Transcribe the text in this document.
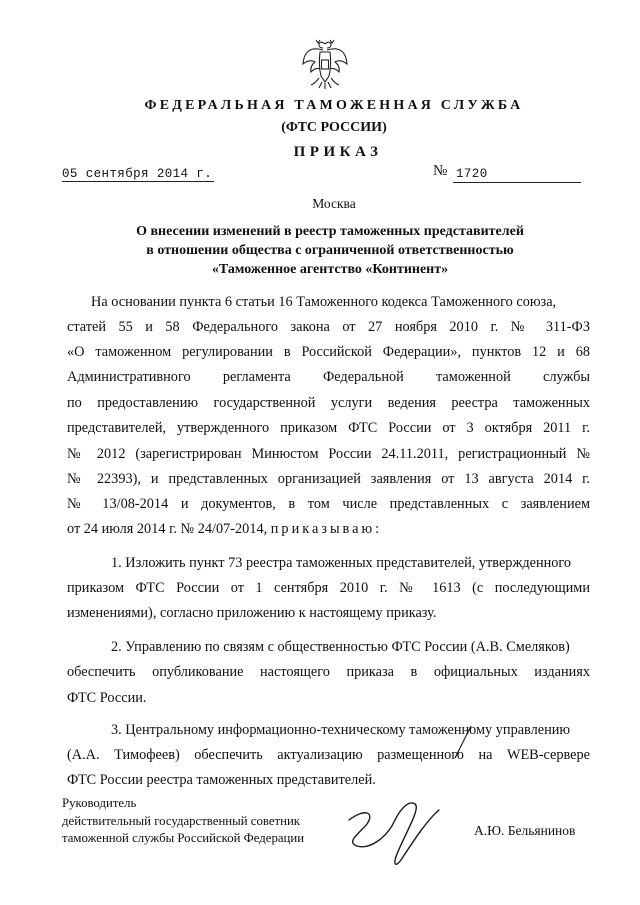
ФЕДЕРАЛЬНАЯ ТАМОЖЕННАЯ СЛУЖБА
(ФТС РОССИИ)
ПРИКАЗ
05 сентября 2014 г.	№ 1720
Москва
О внесении изменений в реестр таможенных представителей
в отношении общества с ограниченной ответственностью
«Таможенное агентство «Континент»
На основании пункта 6 статьи 16 Таможенного кодекса Таможенного союза,
статей 55 и 58 Федерального закона от 27 ноября 2010 г. № 311-ФЗ
«О таможенном регулировании в Российской Федерации», пунктов 12 и 68
Административного регламента Федеральной таможенной службы
по предоставлению государственной услуги ведения реестра таможенных
представителей, утвержденного приказом ФТС России от 3 октября 2011 г.
№ 2012 (зарегистрирован Минюстом России 24.11.2011, регистрационный №
№ 22393), и представленных организацией заявления от 13 августа 2014 г.
№ 13/08-2014 и документов, в том числе представленных с заявлением
от 24 июля 2014 г. № 24/07-2014, приказываю:
1. Изложить пункт 73 реестра таможенных представителей, утвержденного
приказом ФТС России от 1 сентября 2010 г. № 1613 (с последующими
изменениями), согласно приложению к настоящему приказу.
2. Управлению по связям с общественностью ФТС России (А.В. Смеляков)
обеспечить опубликование настоящего приказа в официальных изданиях
ФТС России.
3. Центральному информационно-техническому таможенному управлению
(А.А. Тимофеев) обеспечить актуализацию размещенного на WEB-сервере
ФТС России реестра таможенных представителей.
Руководитель
действительный государственный советник
таможенной службы Российской Федерации	А.Ю. Бельянинов
